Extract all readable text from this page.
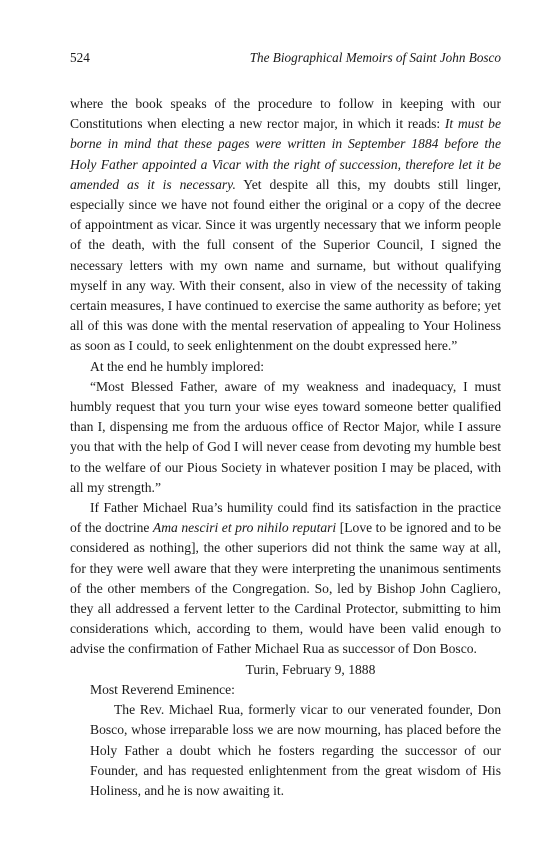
524	The Biographical Memoirs of Saint John Bosco

where the book speaks of the procedure to follow in keeping with our Constitutions when electing a new rector major, in which it reads: It must be borne in mind that these pages were written in September 1884 before the Holy Father appointed a Vicar with the right of succession, therefore let it be amended as it is necessary. Yet despite all this, my doubts still linger, especially since we have not found either the original or a copy of the decree of appointment as vicar. Since it was urgently necessary that we inform people of the death, with the full consent of the Superior Council, I signed the necessary letters with my own name and surname, but without qualifying myself in any way. With their consent, also in view of the necessity of taking certain measures, I have continued to exercise the same authority as before; yet all of this was done with the mental reservation of appealing to Your Holiness as soon as I could, to seek enlightenment on the doubt expressed here.”

At the end he humbly implored:

“Most Blessed Father, aware of my weakness and inadequacy, I must humbly request that you turn your wise eyes toward someone better qualified than I, dispensing me from the arduous office of Rector Major, while I assure you that with the help of God I will never cease from devoting my humble best to the welfare of our Pious Society in whatever position I may be placed, with all my strength.”

If Father Michael Rua’s humility could find its satisfaction in the practice of the doctrine Ama nesciri et pro nihilo reputari [Love to be ignored and to be considered as nothing], the other superiors did not think the same way at all, for they were well aware that they were interpreting the unanimous sentiments of the other members of the Congregation. So, led by Bishop John Cagliero, they all addressed a fervent letter to the Cardinal Protector, submitting to him considerations which, according to them, would have been valid enough to advise the confirmation of Father Michael Rua as successor of Don Bosco.

Turin, February 9, 1888

Most Reverend Eminence:

The Rev. Michael Rua, formerly vicar to our venerated founder, Don Bosco, whose irreparable loss we are now mourning, has placed before the Holy Father a doubt which he fosters regarding the successor of our Founder, and has requested enlightenment from the great wisdom of His Holiness, and he is now awaiting it.
